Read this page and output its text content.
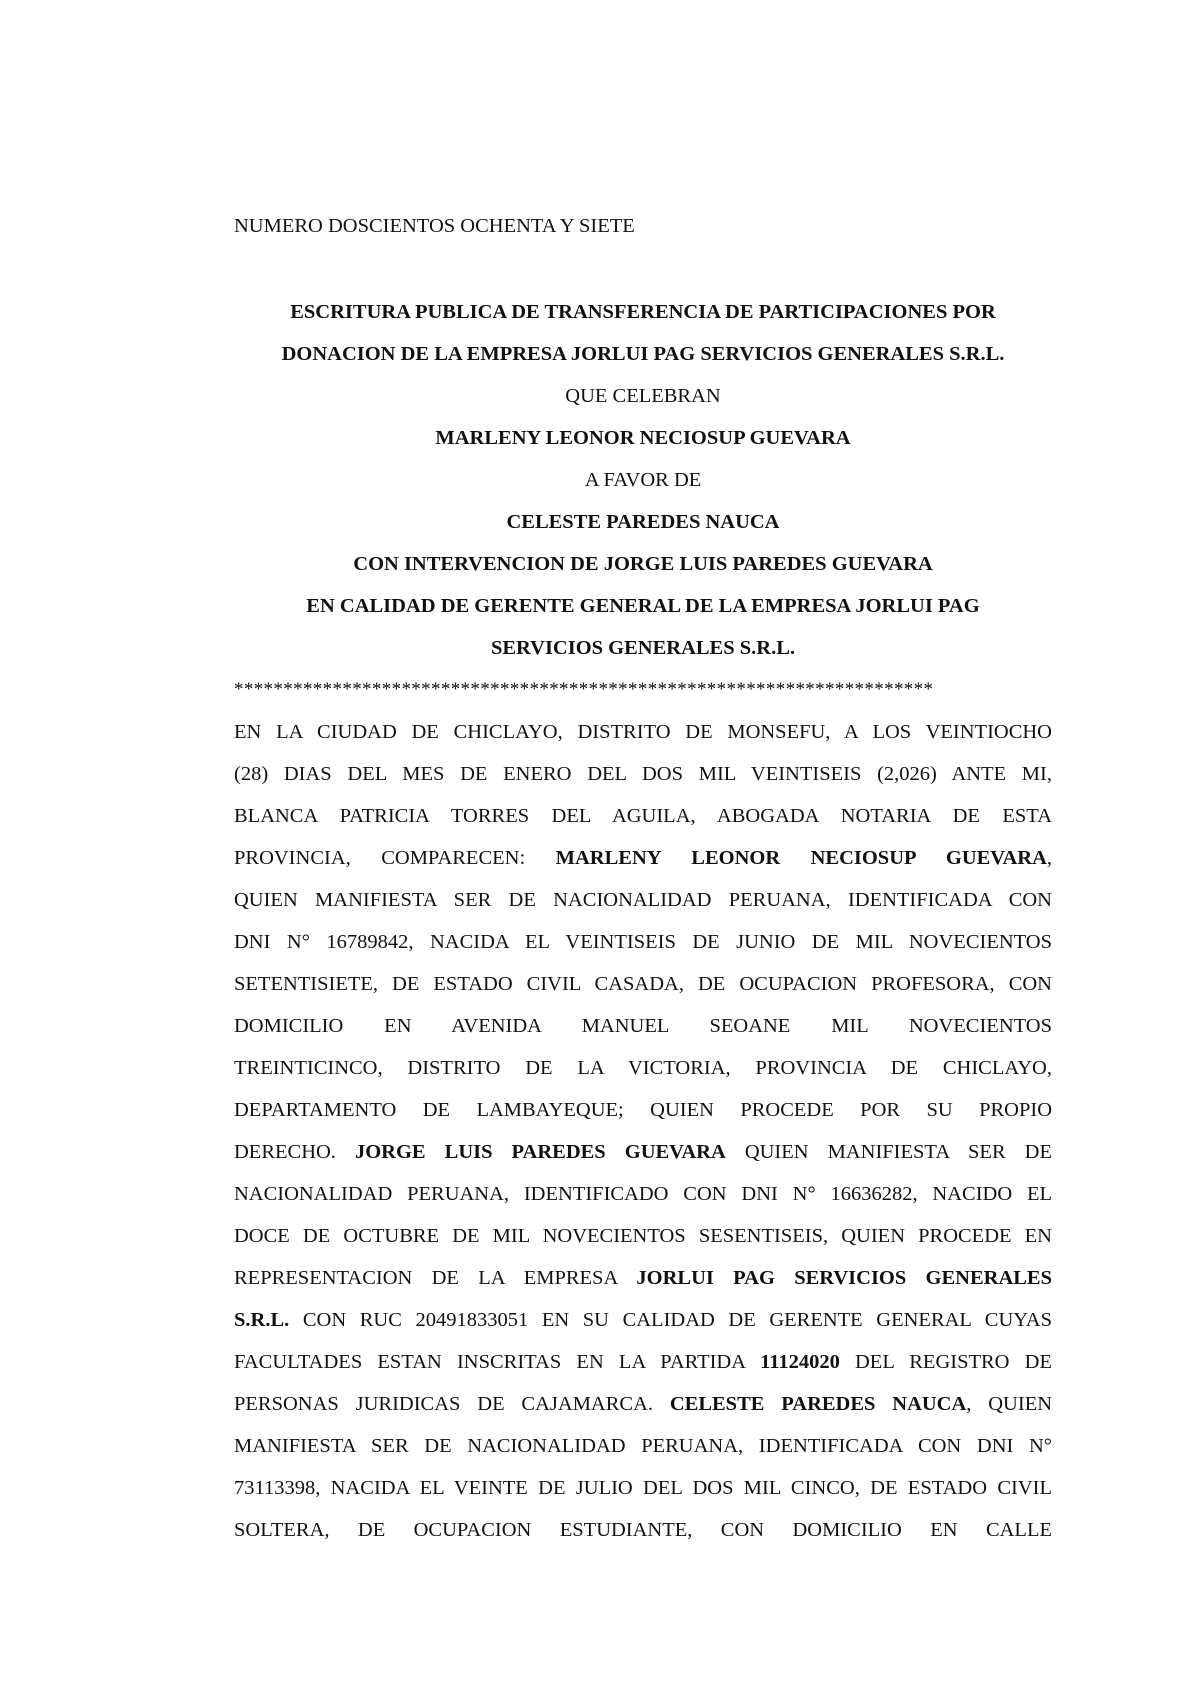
NUMERO DOSCIENTOS OCHENTA Y SIETE
ESCRITURA PUBLICA DE TRANSFERENCIA DE PARTICIPACIONES POR
DONACION DE LA EMPRESA JORLUI PAG SERVICIOS GENERALES S.R.L.
QUE CELEBRAN
MARLENY LEONOR NECIOSUP GUEVARA
A FAVOR DE
CELESTE PAREDES NAUCA
CON INTERVENCION DE JORGE LUIS PAREDES GUEVARA
EN CALIDAD DE GERENTE GENERAL DE LA EMPRESA JORLUI PAG
SERVICIOS GENERALES S.R.L.
***********************************************************************
EN LA CIUDAD DE CHICLAYO, DISTRITO DE MONSEFU, A LOS VEINTIOCHO
(28) DIAS DEL MES DE ENERO DEL DOS MIL VEINTISEIS (2,026) ANTE MI,
BLANCA PATRICIA TORRES DEL AGUILA, ABOGADA NOTARIA DE ESTA
PROVINCIA, COMPARECEN: MARLENY LEONOR NECIOSUP GUEVARA,
QUIEN MANIFIESTA SER DE NACIONALIDAD PERUANA, IDENTIFICADA CON
DNI N° 16789842, NACIDA EL VEINTISEIS DE JUNIO DE MIL NOVECIENTOS
SETENTISIETE, DE ESTADO CIVIL CASADA, DE OCUPACION PROFESORA, CON
DOMICILIO EN AVENIDA MANUEL SEOANE MIL NOVECIENTOS
TREINTICINCO, DISTRITO DE LA VICTORIA, PROVINCIA DE CHICLAYO,
DEPARTAMENTO DE LAMBAYEQUE; QUIEN PROCEDE POR SU PROPIO
DERECHO. JORGE LUIS PAREDES GUEVARA QUIEN MANIFIESTA SER DE
NACIONALIDAD PERUANA, IDENTIFICADO CON DNI N° 16636282, NACIDO EL
DOCE DE OCTUBRE DE MIL NOVECIENTOS SESENTISEIS, QUIEN PROCEDE EN
REPRESENTACION DE LA EMPRESA JORLUI PAG SERVICIOS GENERALES
S.R.L. CON RUC 20491833051 EN SU CALIDAD DE GERENTE GENERAL CUYAS
FACULTADES ESTAN INSCRITAS EN LA PARTIDA 11124020 DEL REGISTRO DE
PERSONAS JURIDICAS DE CAJAMARCA. CELESTE PAREDES NAUCA, QUIEN
MANIFIESTA SER DE NACIONALIDAD PERUANA, IDENTIFICADA CON DNI N°
73113398, NACIDA EL VEINTE DE JULIO DEL DOS MIL CINCO, DE ESTADO CIVIL
SOLTERA, DE OCUPACION ESTUDIANTE, CON DOMICILIO EN CALLE
